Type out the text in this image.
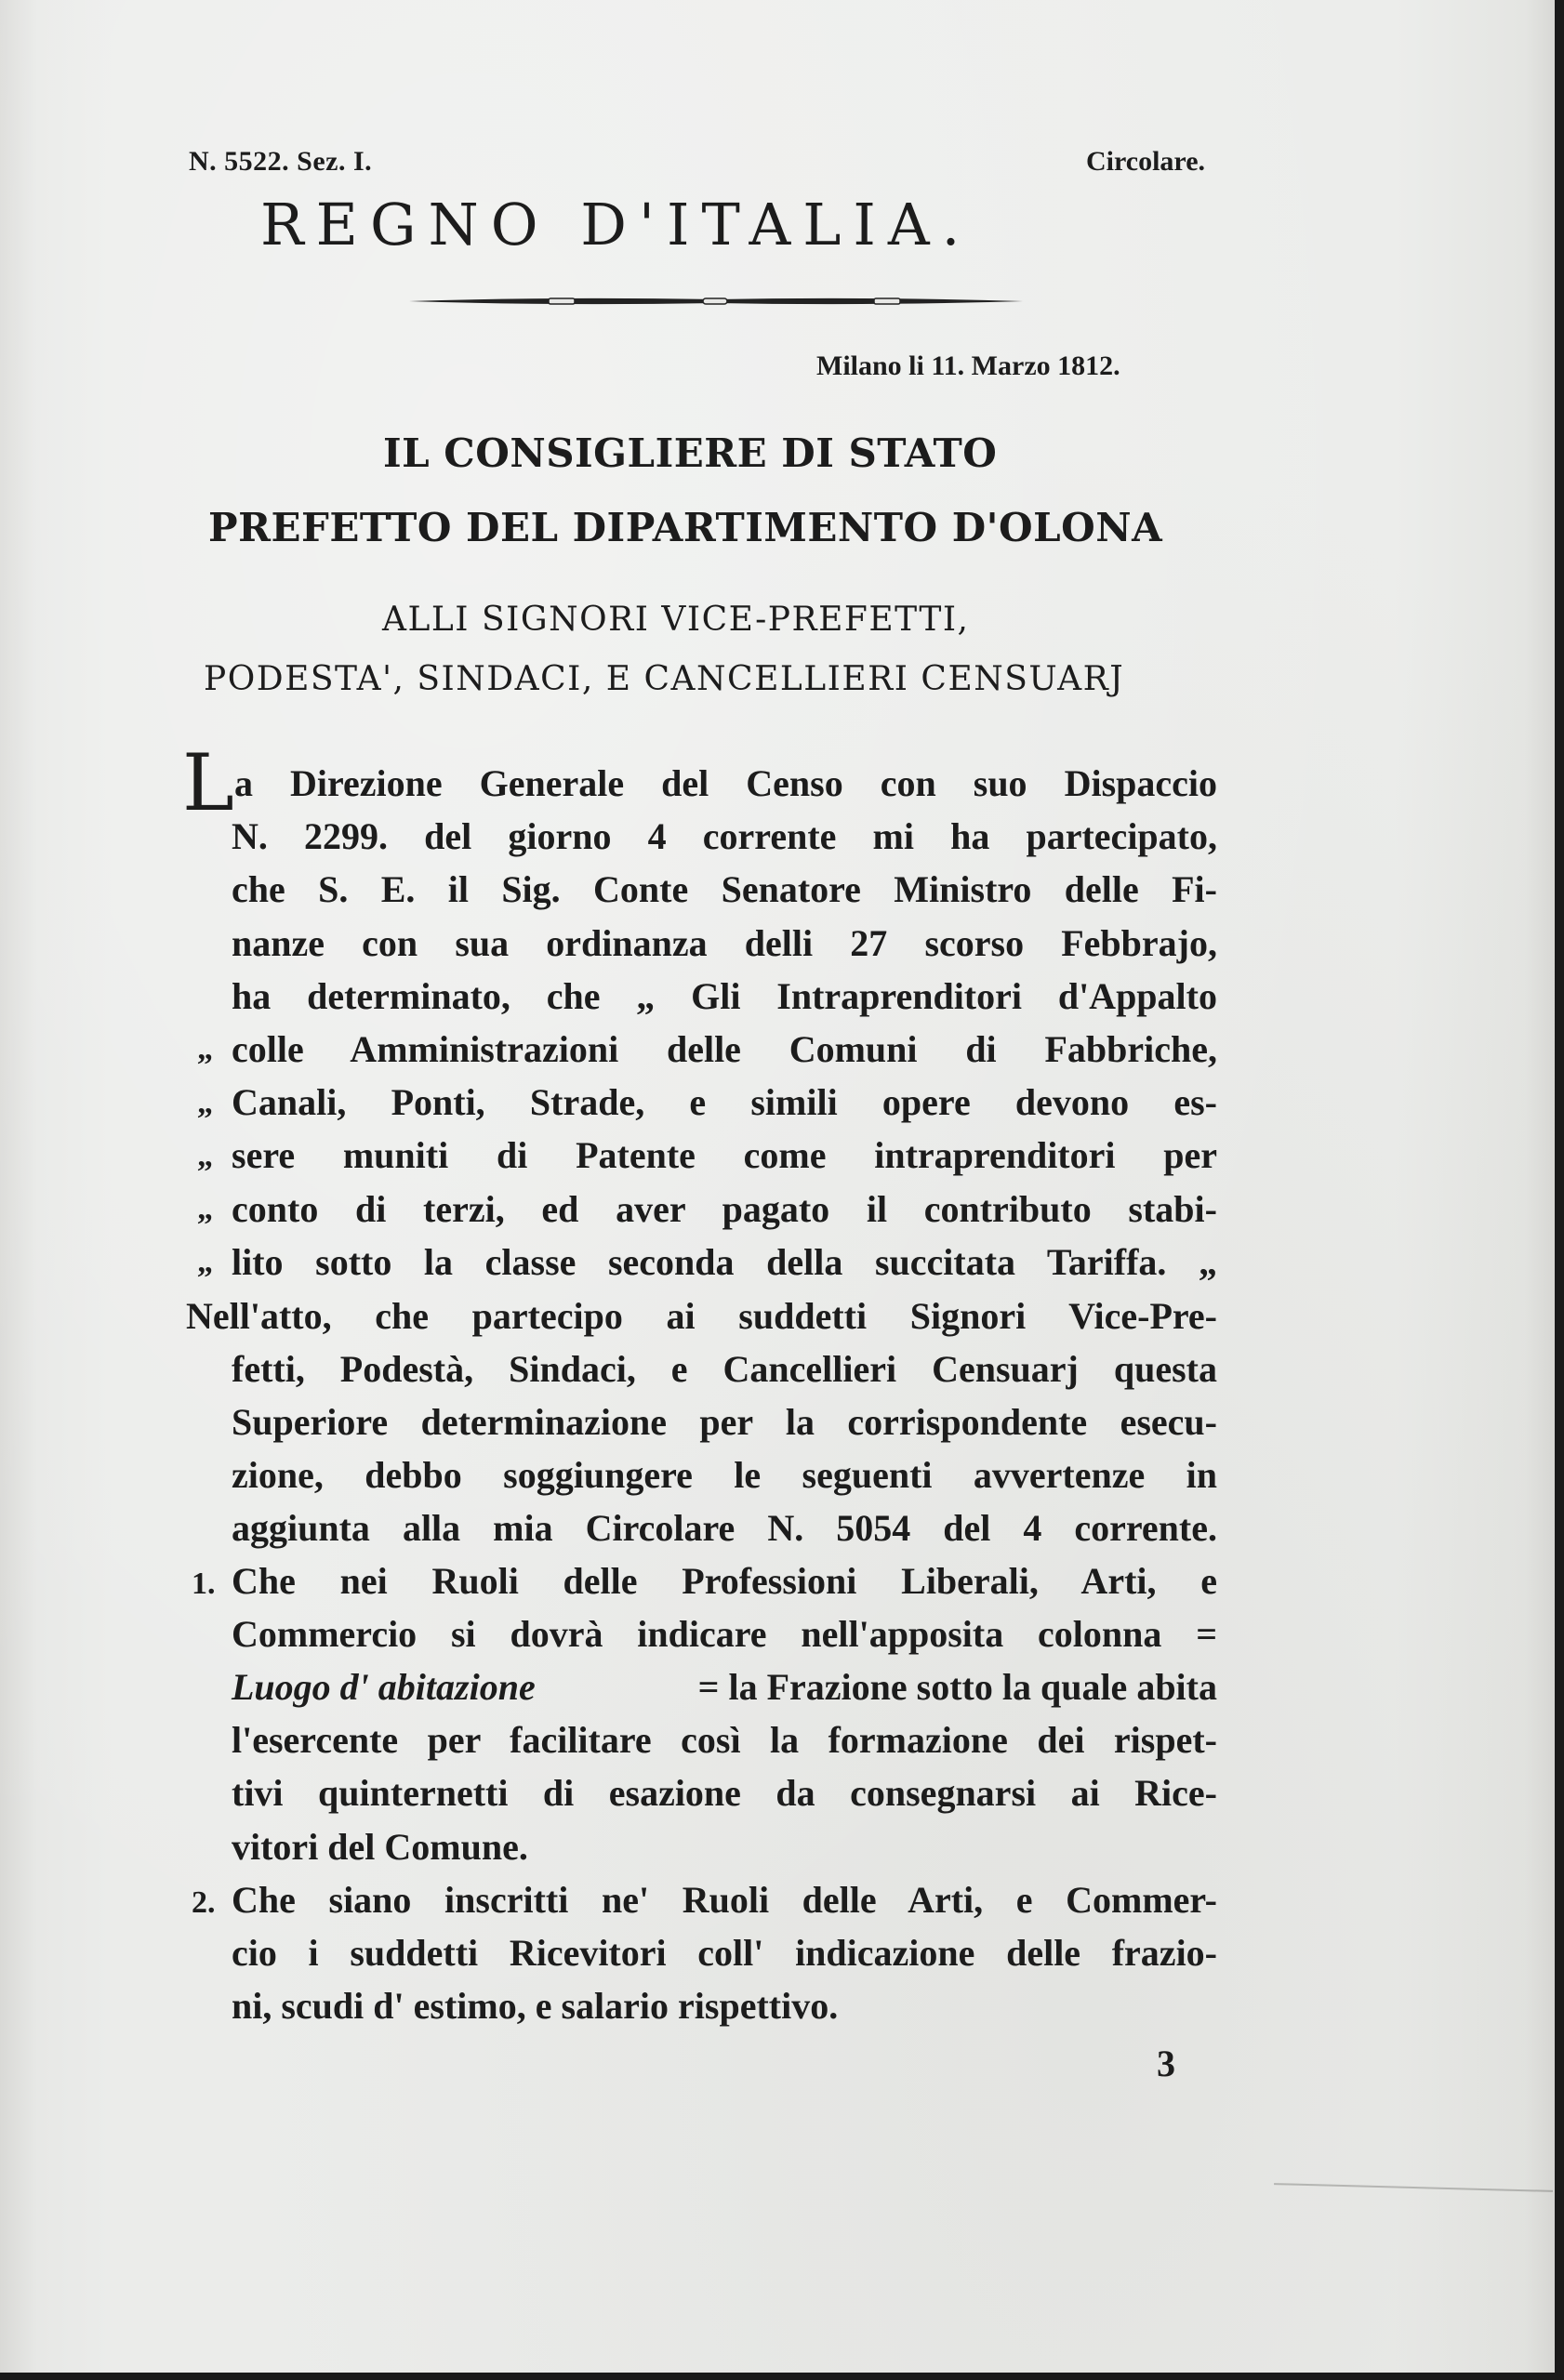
N. 5522. Sez. I.	Circolare.
REGNO D'ITALIA.
Milano li 11. Marzo 1812.
IL CONSIGLIERE DI STATO
PREFETTO DEL DIPARTIMENTO D'OLONA
ALLI SIGNORI VICE-PREFETTI,
PODESTA', SINDACI, E CANCELLIERI CENSUARJ
L a Direzione Generale del Censo con suo Dispaccio
N. 2299. del giorno 4 corrente mi ha partecipato,
che S. E. il Sig. Conte Senatore Ministro delle Fi-
nanze con sua ordinanza delli 27 scorso Febbrajo,
ha determinato, che „ Gli Intraprenditori d'Appalto
„ colle Amministrazioni delle Comuni di Fabbriche,
„ Canali, Ponti, Strade, e simili opere devono es-
„ sere muniti di Patente come intraprenditori per
„ conto di terzi, ed aver pagato il contributo stabi-
„ lito sotto la classe seconda della succitata Tariffa. „
Nell'atto, che partecipo ai suddetti Signori Vice-Pre-
fetti, Podestà, Sindaci, e Cancellieri Censuarj questa
Superiore determinazione per la corrispondente esecu-
zione, debbo soggiungere le seguenti avvertenze in
aggiunta alla mia Circolare N. 5054 del 4 corrente.
1. Che nei Ruoli delle Professioni Liberali, Arti, e
Commercio si dovrà indicare nell'apposita colonna =
Luogo d' abitazione	= la Frazione sotto la quale abita
l'esercente per facilitare così la formazione dei rispet-
tivi quinternetti di esazione da consegnarsi ai Rice-
vitori del Comune.
2. Che siano inscritti ne' Ruoli delle Arti, e Commer-
cio i suddetti Ricevitori coll' indicazione delle frazio-
ni, scudi d' estimo, e salario rispettivo.
3
